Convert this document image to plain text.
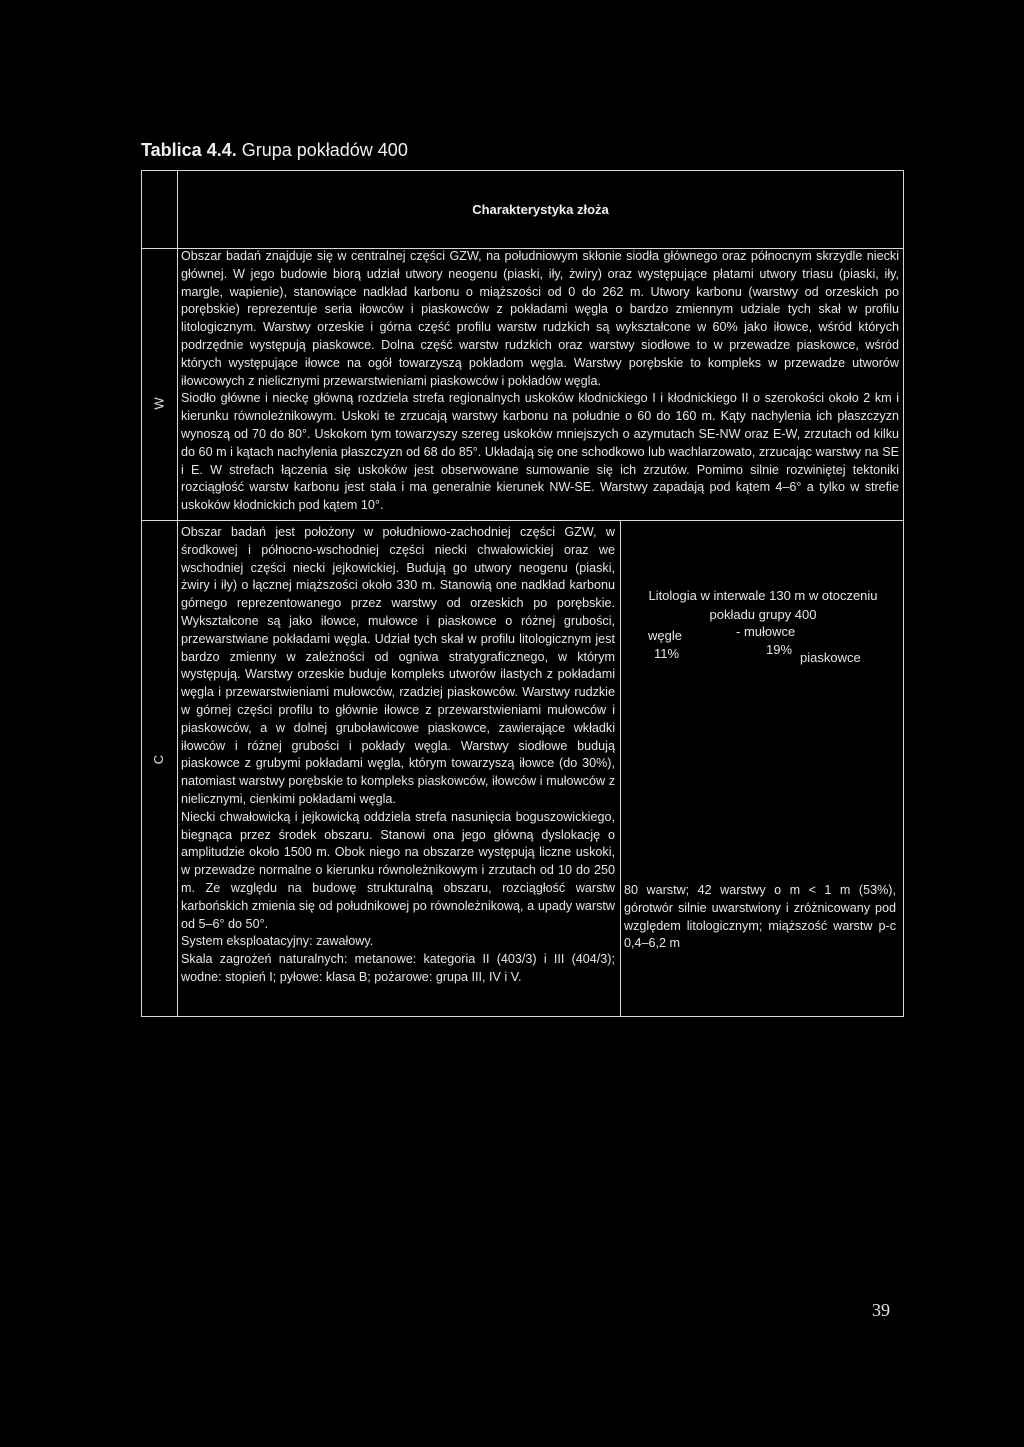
Tablica 4.4. Grupa pokładów 400
Charakterystyka złoża
W

Obszar badań znajduje się w centralnej części GZW, na południowym skłonie siodła głównego oraz północnym skrzydle niecki głównej. W jego budowie biorą udział utwory neogenu (piaski, iły, żwiry) oraz występujące płatami utwory triasu (piaski, iły, margle, wapienie), stanowiące nadkład karbonu o miąższości od 0 do 262 m. Utwory karbonu (warstwy od orzeskich po porębskie) reprezentuje seria iłowców i piaskowców z pokładami węgla o bardzo zmiennym udziale tych skał w profilu litologicznym. Warstwy orzeskie i górna część profilu warstw rudzkich są wykształcone w 60% jako iłowce, wśród których podrzędnie występują piaskowce. Dolna część warstw rudzkich oraz warstwy siodłowe to w przewadze piaskowce, wśród których występujące iłowce na ogół towarzyszą pokładom węgla. Warstwy porębskie to kompleks w przewadze utworów iłowcowych z nielicznymi przewarstwieniami piaskowców i pokładów węgla.

Siodło główne i nieckę główną rozdziela strefa regionalnych uskoków kłodnickiego I i kłodnickiego II o szerokości około 2 km i kierunku równoleżnikowym. Uskoki te zrzucają warstwy karbonu na południe o 60 do 160 m. Kąty nachylenia ich płaszczyzn wynoszą od 70 do 80°. Uskokom tym towarzyszy szereg uskoków mniejszych o azymutach SE-NW oraz E-W, zrzutach od kilku do 60 m i kątach nachylenia płaszczyzn od 68 do 85°. Układają się one schodkowo lub wachlarzowato, zrzucając warstwy na SE i E. W strefach łączenia się uskoków jest obserwowane sumowanie się ich zrzutów. Pomimo silnie rozwiniętej tektoniki rozciągłość warstw karbonu jest stała i ma generalnie kierunek NW-SE. Warstwy zapadają pod kątem 4–6° a tylko w strefie uskoków kłodnickich pod kątem 10°.

C

Obszar badań jest położony w południowo-zachodniej części GZW, w środkowej i północno-wschodniej części niecki chwałowickiej oraz we wschodniej części niecki jejkowickiej. Budują go utwory neogenu (piaski, żwiry i iły) o łącznej miąższości około 330 m. Stanowią one nadkład karbonu górnego reprezentowanego przez warstwy od orzeskich po porębskie. Wykształcone są jako iłowce, mułowce i piaskowce o różnej grubości, przewarstwiane pokładami węgla. Udział tych skał w profilu litologicznym jest bardzo zmienny w zależności od ogniwa stratygraficznego, w którym występują. Warstwy orzeskie buduje kompleks utworów ilastych z pokładami węgla i przewarstwieniami mułowców, rzadziej piaskowców. Warstwy rudzkie w górnej części profilu to głównie iłowce z przewarstwieniami mułowców i piaskowców, a w dolnej gruboławicowe piaskowce, zawierające wkładki iłowców i różnej grubości i pokłady węgla. Warstwy siodłowe budują piaskowce z grubymi pokładami węgla, którym towarzyszą iłowce (do 30%), natomiast warstwy porębskie to kompleks piaskowców, iłowców i mułowców z nielicznymi, cienkimi pokładami węgla.

Niecki chwałowicką i jejkowicką oddziela strefa nasunięcia boguszowickiego, biegnąca przez środek obszaru. Stanowi ona jego główną dyslokację o amplitudzie około 1500 m. Obok niego na obszarze występują liczne uskoki, w przewadze normalne o kierunku równoleżnikowym i zrzutach od 10 do 250 m. Ze względu na budowę strukturalną obszaru, rozciągłość warstw karbońskich zmienia się od południkowej po równoleżnikową, a upady warstw od 5–6° do 50°.

System eksploatacyjny: zawałowy.

Skala zagrożeń naturalnych: metanowe: kategoria II (403/3) i III (404/3); wodne: stopień I; pyłowe: klasa B; pożarowe: grupa III, IV i V.

Litologia w interwale 130 m w otoczeniu pokładu grupy 400
węgle
11%
- mułowce
19%
piaskowce
80 warstw; 42 warstwy o m < 1 m (53%), górotwór silnie uwarstwiony i zróżnicowany pod względem litologicznym; miąższość warstw p-c 0,4–6,2 m
39
